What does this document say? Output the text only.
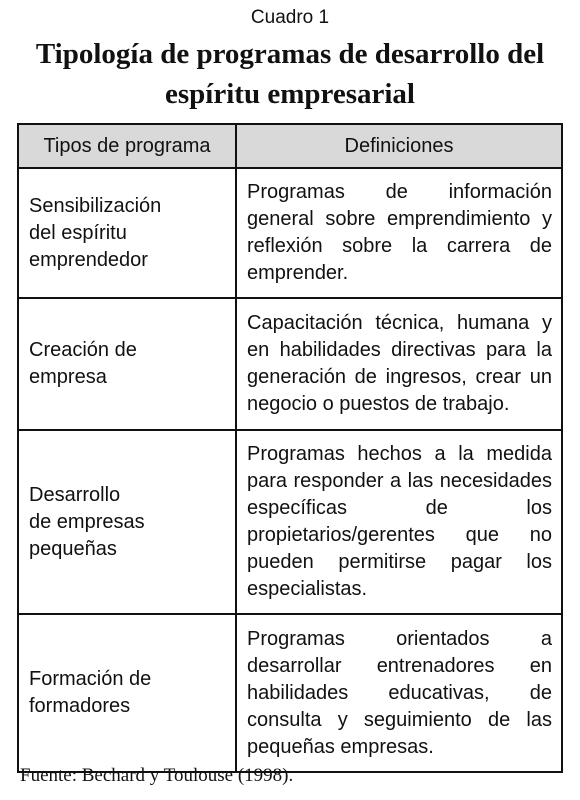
Cuadro 1
Tipología de programas de desarrollo del
espíritu empresarial
Tipos de programa	Definiciones

Sensibilización
del espíritu
emprendedor	Programas de información general sobre emprendimiento y reflexión sobre la carrera de emprender.

Creación de
empresa	Capacitación técnica, humana y en habilidades directivas para la generación de ingresos, crear un negocio o puestos de trabajo.

Desarrollo
de empresas
pequeñas	Programas hechos a la medida para responder a las necesidades específicas de los propietarios/gerentes que no pueden permitirse pagar los especialistas.

Formación de
formadores	Programas orientados a desarrollar entrenadores en habilidades educativas, de consulta y seguimiento de las pequeñas empresas.
Fuente: Bechard y Toulouse (1998).
